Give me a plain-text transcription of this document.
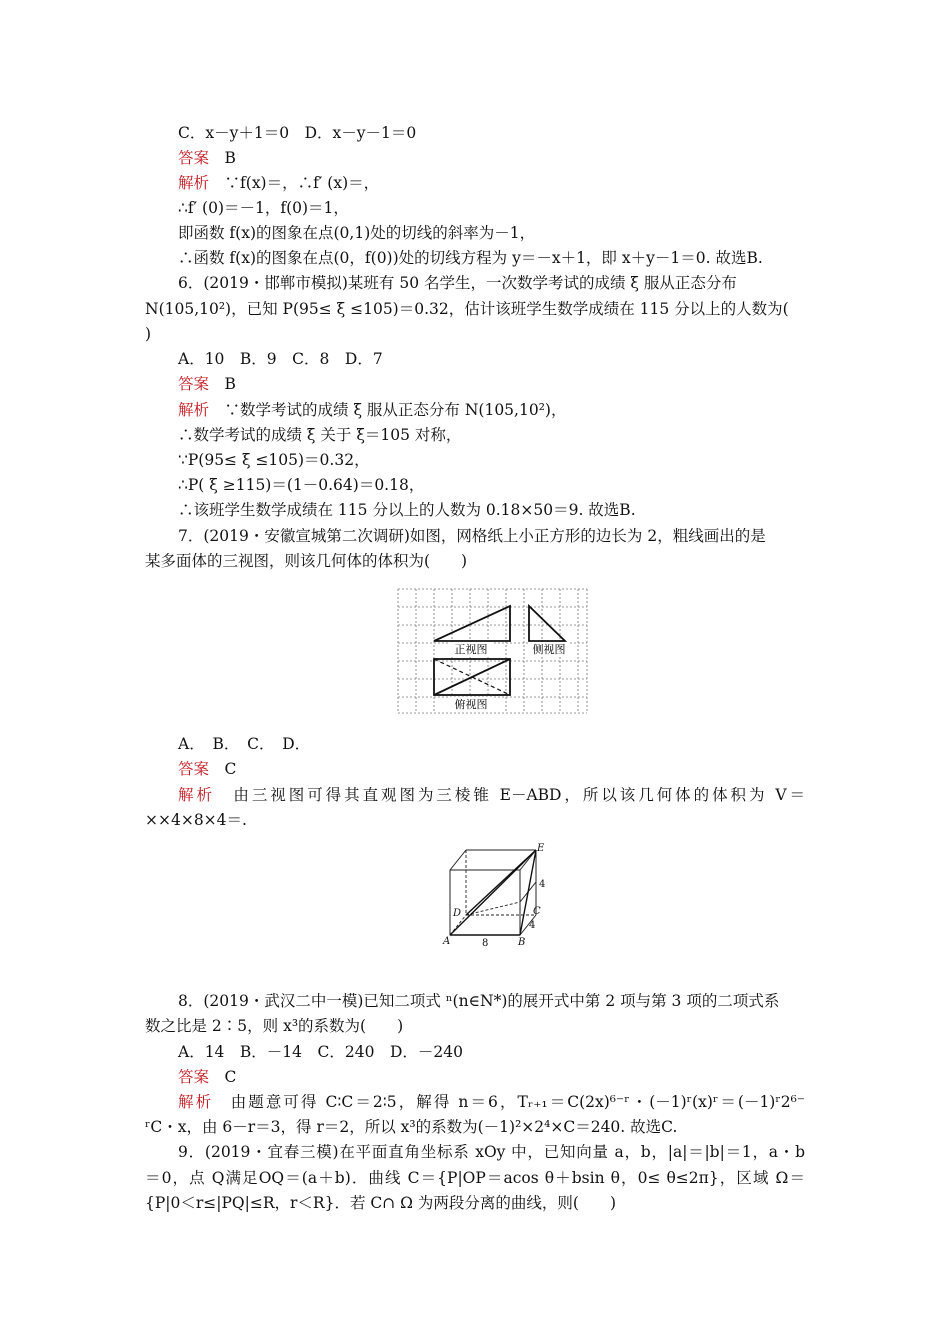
C．x－y＋1＝0　D．x－y－1＝0
答案　 B
解析　 ∵f(x)＝，∴f′ (x)＝，
∴f′ (0)＝－1，f(0)＝1，
即函数 f(x)的图象在点(0,1)处的切线的斜率为－1，
∴函数 f(x)的图象在点(0，f(0))处的切线方程为 y＝－x＋1，即 x＋y－1＝0. 故选B.
6．(2019・邯郸市模拟)某班有 50 名学生，一次数学考试的成绩 ξ 服从正态分布
N(105,10²)，已知 P(95≤ ξ ≤105)＝0.32，估计该班学生数学成绩在 115 分以上的人数为(
)
A．10　B．9　C．8　D．7
答案　 B
解析　 ∵数学考试的成绩 ξ 服从正态分布 N(105,10²)，
∴数学考试的成绩 ξ 关于 ξ＝105 对称，
∵P(95≤ ξ ≤105)＝0.32，
∴P( ξ ≥115)＝(1－0.64)＝0.18，
∴该班学生数学成绩在 115 分以上的人数为 0.18×50＝9. 故选B.
7．(2019・安徽宣城第二次调研)如图，网格纸上小正方形的边长为 2，粗线画出的是
某多面体的三视图，则该几何体的体积为(　　)
正视图	侧视图
俯视图
A．　B．　C．　D．
答案　 C
解析　 由三视图可得其直观图为三棱锥 E－ABD，所以该几何体的体积为 V＝
××4×8×4＝.
E
D	C
A	B
8
4
4
8．(2019・武汉二中一模)已知二项式 ⁿ(n∈N*)的展开式中第 2 项与第 3 项的二项式系
数之比是 2∶5，则 x³的系数为(　　)
A．14　B．－14　C．240　D．－240
答案　 C
解析　 由题意可得 C∶C＝2∶5，解得 n＝6，Tᵣ₊₁＝C(2x)⁶⁻ʳ・(－1)ʳ(x)ʳ＝(－1)ʳ2⁶⁻
ʳC・x，由 6－r＝3，得 r＝2，所以 x³的系数为(－1)²×2⁴×C＝240. 故选C.
9．(2019・宜春三模)在平面直角坐标系 xOy 中，已知向量 a，b，|a|＝|b|＝1，a・b
＝0，点 Q满足OQ＝(a＋b)．曲线 C＝{P|OP＝acos θ＋bsin θ，0≤ θ≤2π}，区域 Ω＝
{P|0＜r≤|PQ|≤R，r＜R}．若 C∩ Ω 为两段分离的曲线，则(　　)
